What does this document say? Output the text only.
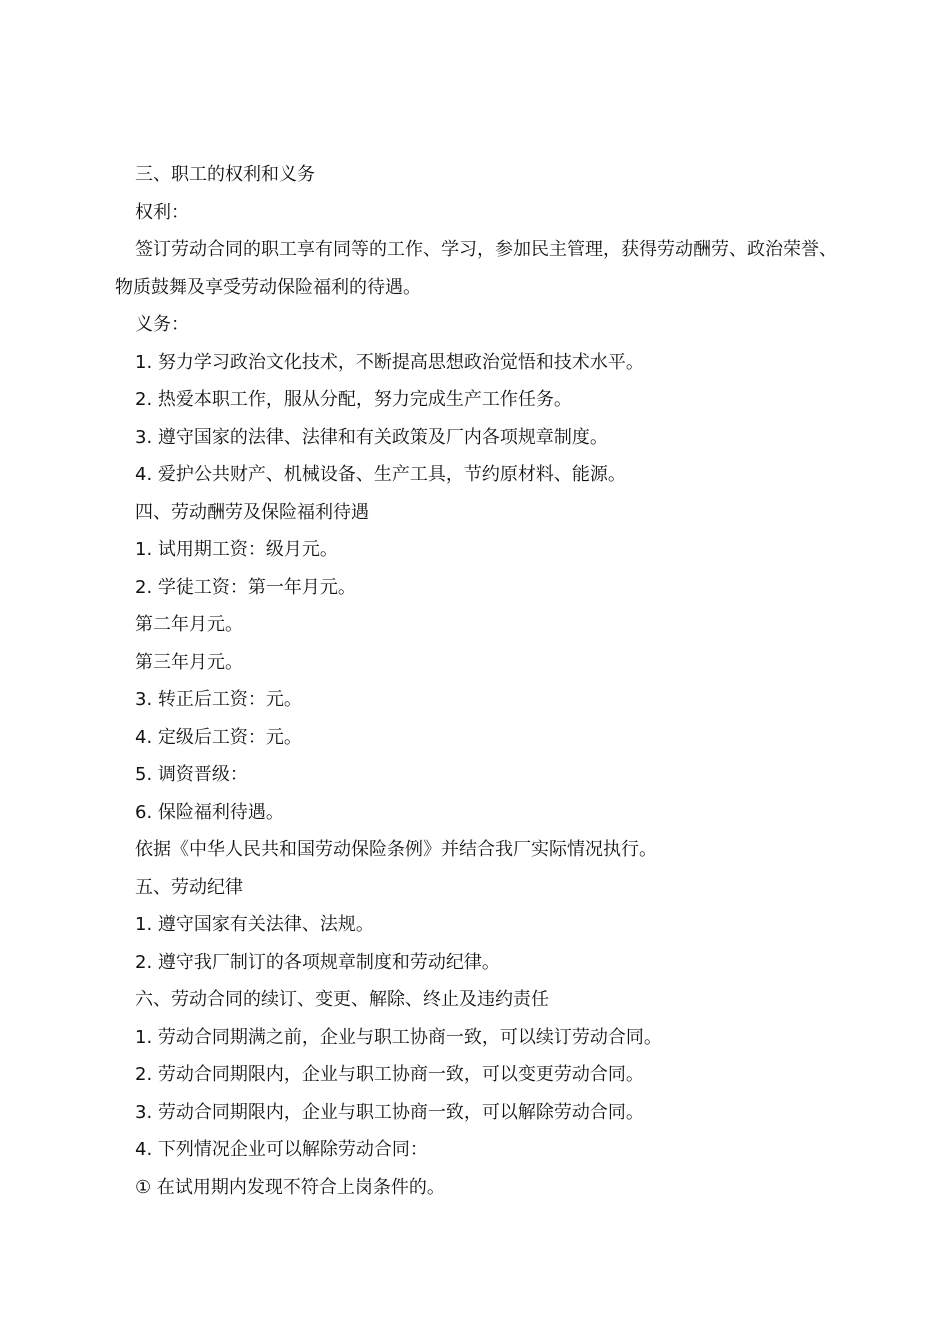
三、职工的权利和义务

权利：

签订劳动合同的职工享有同等的工作、学习，参加民主管理，获得劳动酬劳、政治荣誉、物质鼓舞及享受劳动保险福利的待遇。

义务：

1. 努力学习政治文化技术，不断提高思想政治觉悟和技术水平。

2. 热爱本职工作，服从分配，努力完成生产工作任务。

3. 遵守国家的法律、法律和有关政策及厂内各项规章制度。

4. 爱护公共财产、机械设备、生产工具，节约原材料、能源。

四、劳动酬劳及保险福利待遇

1. 试用期工资：级月元。

2. 学徒工资：第一年月元。

第二年月元。

第三年月元。

3. 转正后工资：元。

4. 定级后工资：元。

5. 调资晋级：

6. 保险福利待遇。

依据《中华人民共和国劳动保险条例》并结合我厂实际情况执行。

五、劳动纪律

1. 遵守国家有关法律、法规。

2. 遵守我厂制订的各项规章制度和劳动纪律。

六、劳动合同的续订、变更、解除、终止及违约责任

1. 劳动合同期满之前，企业与职工协商一致，可以续订劳动合同。

2. 劳动合同期限内，企业与职工协商一致，可以变更劳动合同。

3. 劳动合同期限内，企业与职工协商一致，可以解除劳动合同。

4. 下列情况企业可以解除劳动合同：

① 在试用期内发现不符合上岗条件的。
